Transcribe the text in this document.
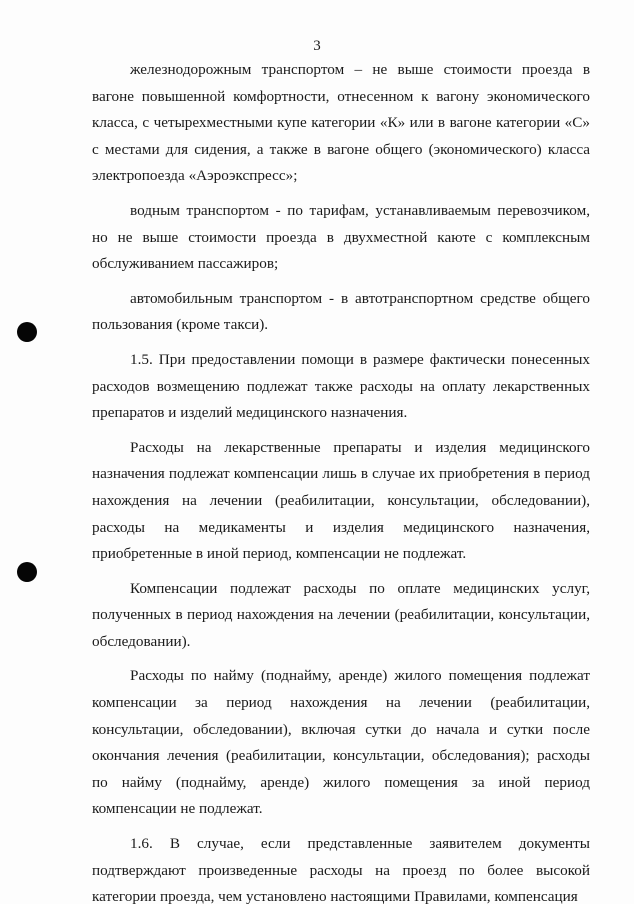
3

железнодорожным транспортом – не выше стоимости проезда в вагоне повышенной комфортности, отнесенном к вагону экономического класса, с четырехместными купе категории «К» или в вагоне категории «С» с местами для сидения, а также в вагоне общего (экономического) класса электропоезда «Аэроэкспресс»;

водным транспортом - по тарифам, устанавливаемым перевозчиком, но не выше стоимости проезда в двухместной каюте с комплексным обслуживанием пассажиров;

автомобильным транспортом - в автотранспортном средстве общего пользования (кроме такси).

1.5. При предоставлении помощи в размере фактически понесенных расходов возмещению подлежат также расходы на оплату лекарственных препаратов и изделий медицинского назначения.

Расходы на лекарственные препараты и изделия медицинского назначения подлежат компенсации лишь в случае их приобретения в период нахождения на лечении (реабилитации, консультации, обследовании), расходы на медикаменты и изделия медицинского назначения, приобретенные в иной период, компенсации не подлежат.

Компенсации подлежат расходы по оплате медицинских услуг, полученных в период нахождения на лечении (реабилитации, консультации, обследовании).

Расходы по найму (поднайму, аренде) жилого помещения подлежат компенсации за период нахождения на лечении (реабилитации, консультации, обследовании), включая сутки до начала и сутки после окончания лечения (реабилитации, консультации, обследования); расходы по найму (поднайму, аренде) жилого помещения за иной период компенсации не подлежат.

1.6. В случае, если представленные заявителем документы подтверждают произведенные расходы на проезд по более высокой категории проезда, чем установлено настоящими Правилами, компенсация
